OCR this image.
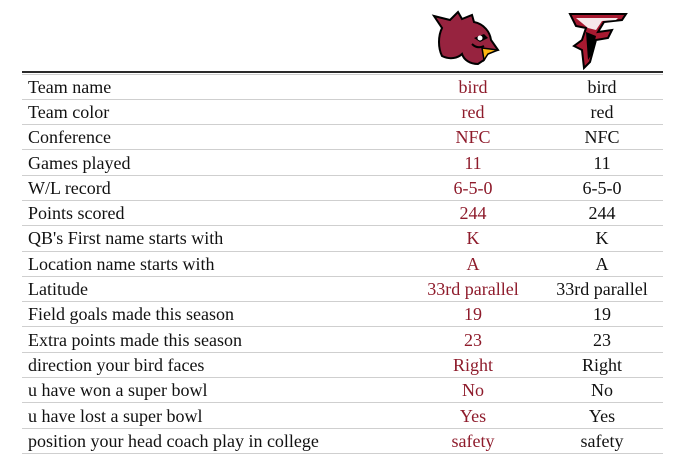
Team name	bird	bird
Team color	red	red
Conference	NFC	NFC
Games played	11	11
W/L record	6-5-0	6-5-0
Points scored	244	244
QB's First name starts with	K	K
Location name starts with	A	A
Latitude	33rd parallel	33rd parallel
Field goals made this season	19	19
Extra points made this season	23	23
direction your bird faces	Right	Right
u have won a super bowl	No	No
u have lost a super bowl	Yes	Yes
position your head coach play in college	safety	safety
